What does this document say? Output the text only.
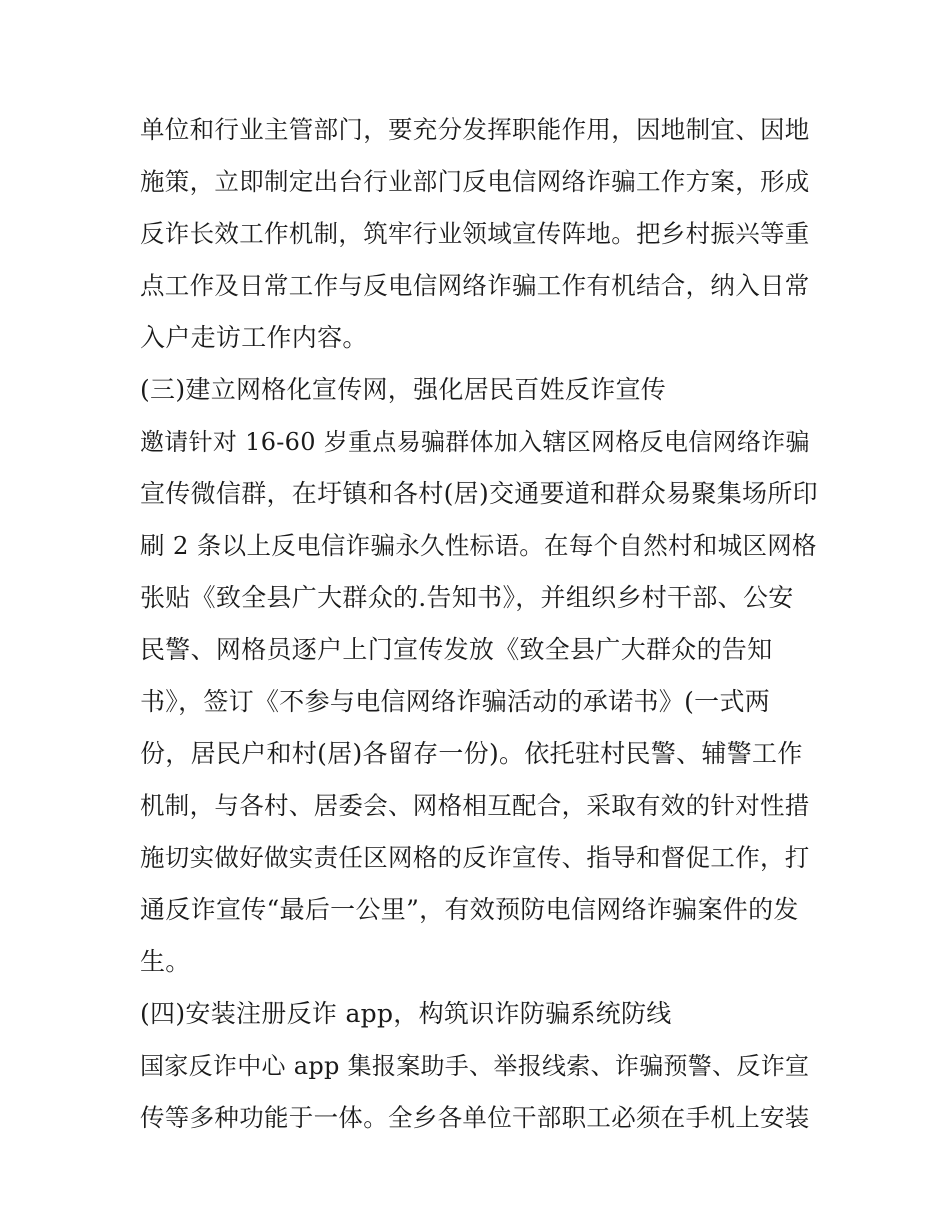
单位和行业主管部门，要充分发挥职能作用，因地制宜、因地
施策，立即制定出台行业部门反电信网络诈骗工作方案，形成
反诈长效工作机制，筑牢行业领域宣传阵地。把乡村振兴等重
点工作及日常工作与反电信网络诈骗工作有机结合，纳入日常
入户走访工作内容。
(三)建立网格化宣传网，强化居民百姓反诈宣传
邀请针对 16-60 岁重点易骗群体加入辖区网格反电信网络诈骗
宣传微信群，在圩镇和各村(居)交通要道和群众易聚集场所印
刷 2 条以上反电信诈骗永久性标语。在每个自然村和城区网格
张贴《致全县广大群众的.告知书》，并组织乡村干部、公安
民警、网格员逐户上门宣传发放《致全县广大群众的告知
书》，签订《不参与电信网络诈骗活动的承诺书》(一式两
份，居民户和村(居)各留存一份)。依托驻村民警、辅警工作
机制，与各村、居委会、网格相互配合，采取有效的针对性措
施切实做好做实责任区网格的反诈宣传、指导和督促工作，打
通反诈宣传“最后一公里”，有效预防电信网络诈骗案件的发
生。
(四)安装注册反诈 app，构筑识诈防骗系统防线
国家反诈中心 app 集报案助手、举报线索、诈骗预警、反诈宣
传等多种功能于一体。全乡各单位干部职工必须在手机上安装
